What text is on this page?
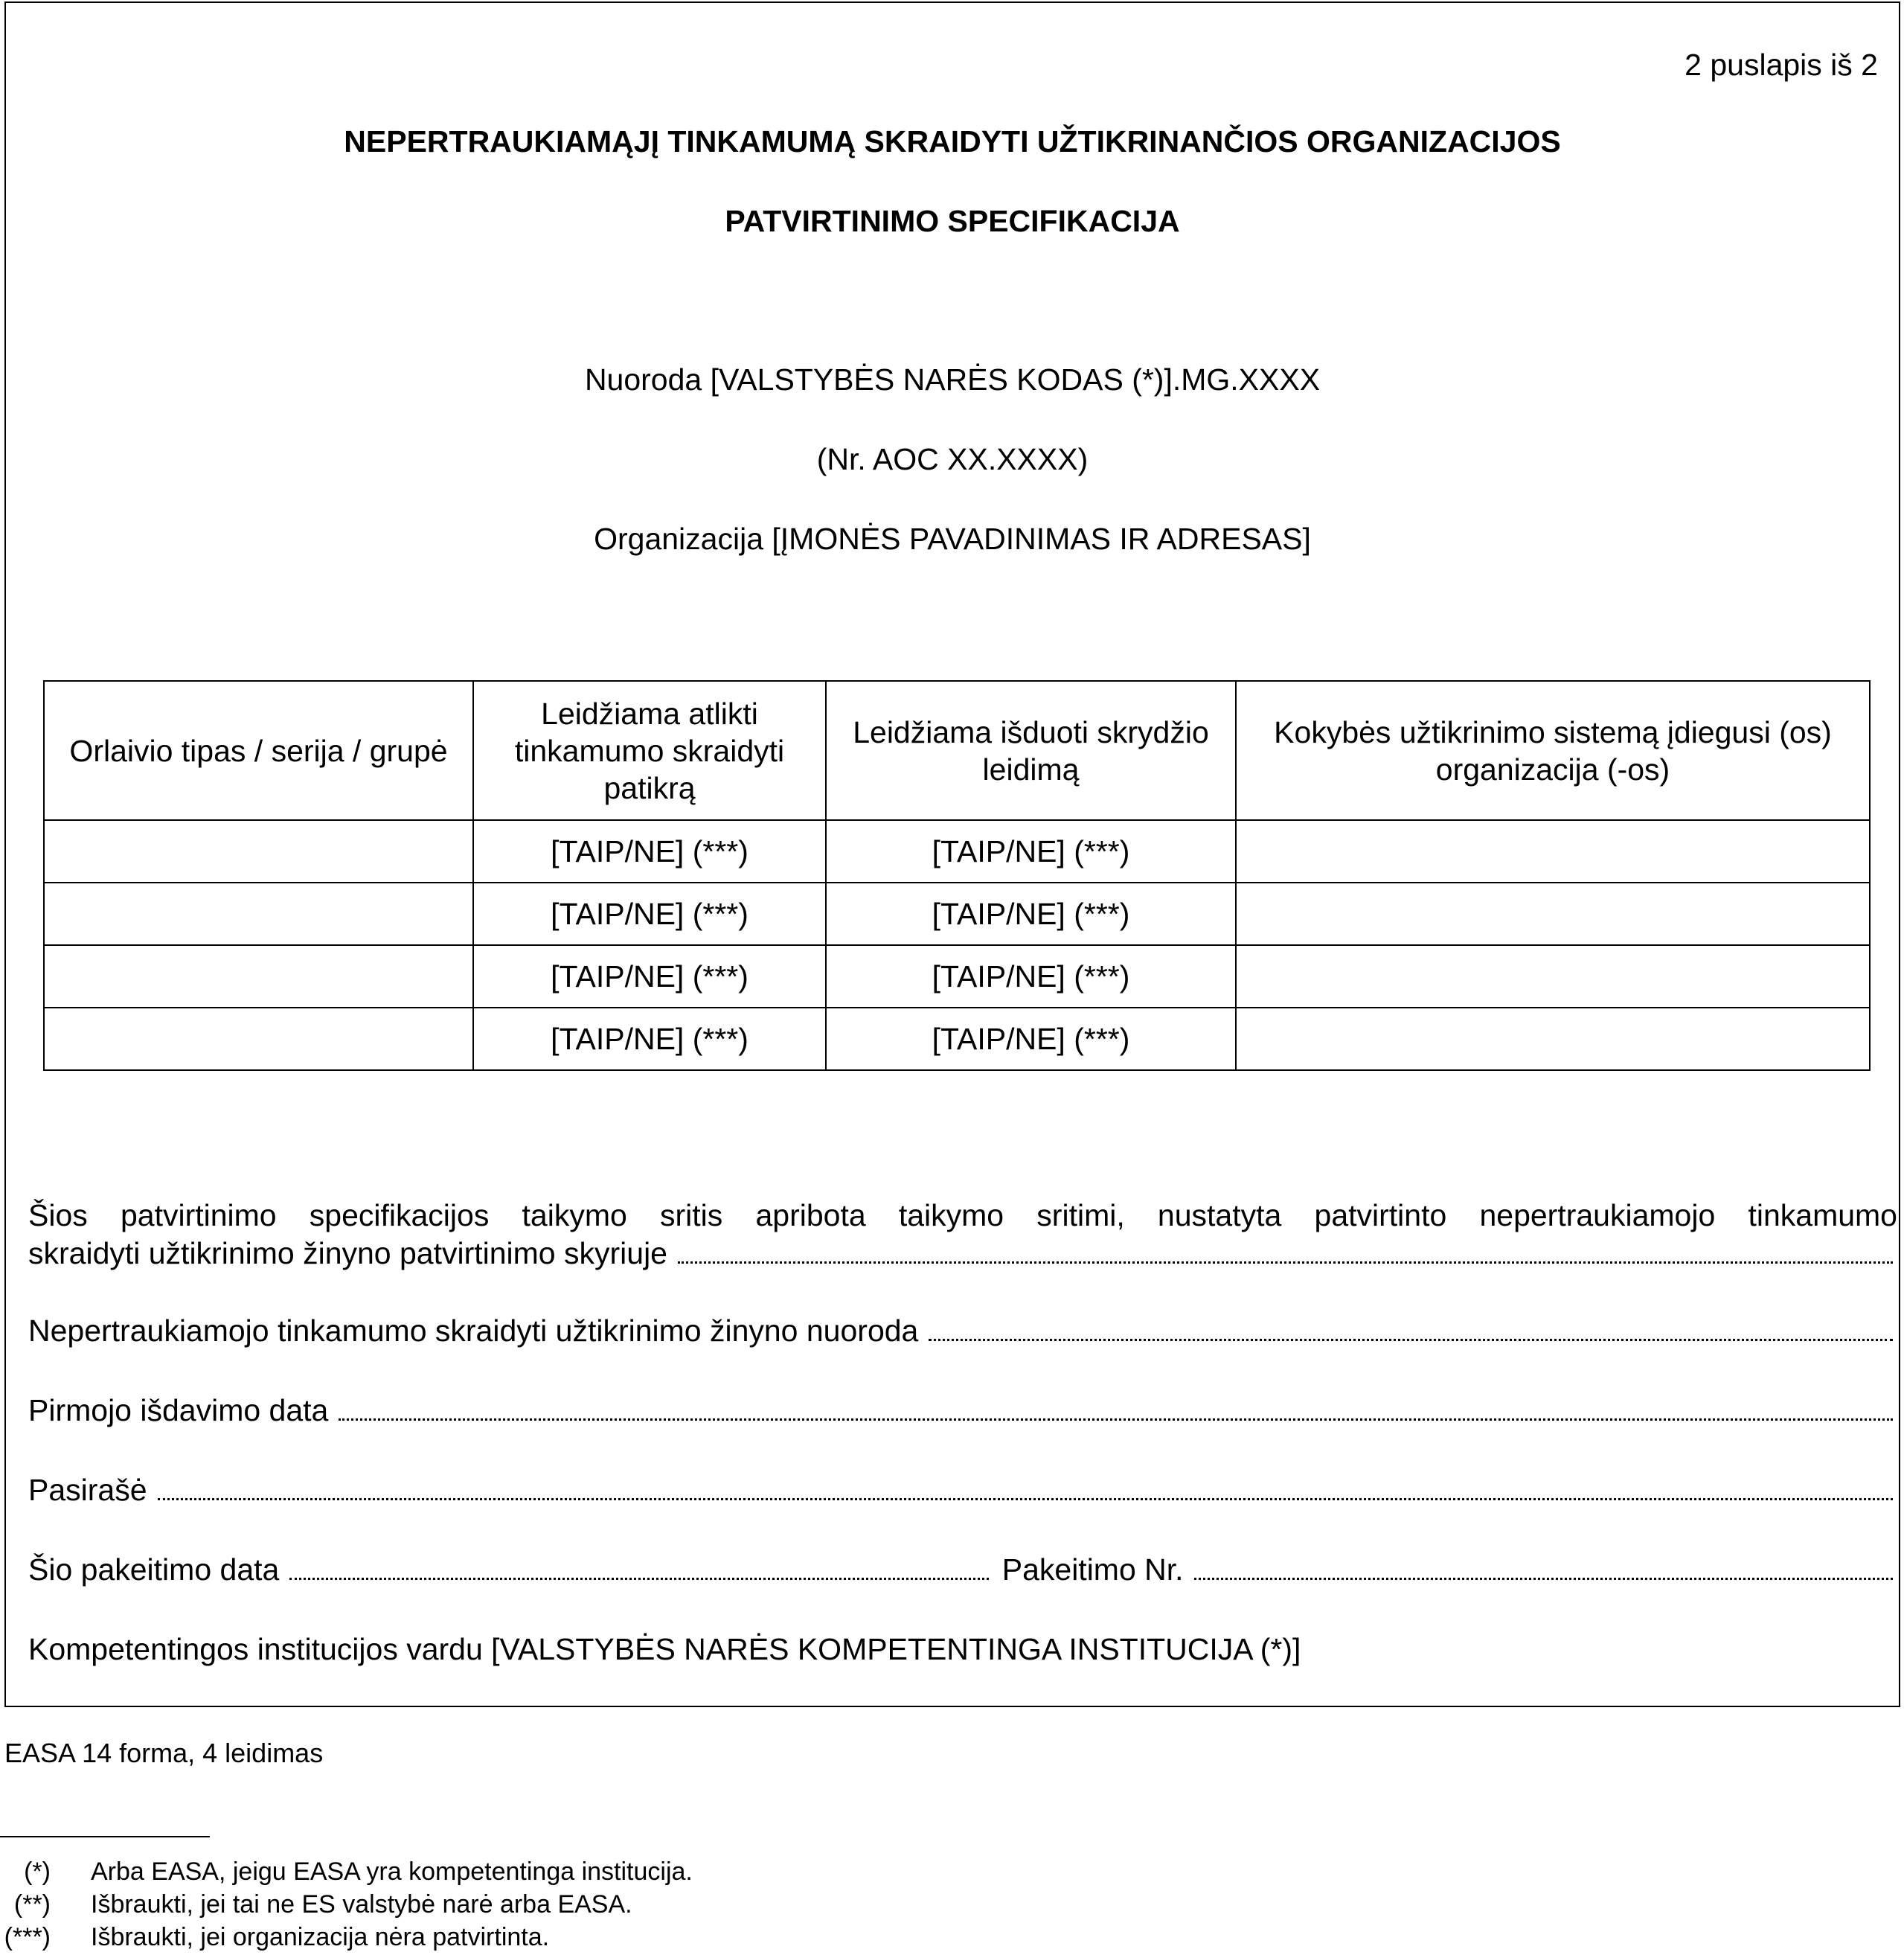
2 puslapis iš 2
NEPERTRAUKIAMĄJĮ TINKAMUMĄ SKRAIDYTI UŽTIKRINANČIOS ORGANIZACIJOS
PATVIRTINIMO SPECIFIKACIJA
Nuoroda [VALSTYBĖS NARĖS KODAS (*)].MG.XXXX
(Nr. AOC XX.XXXX)
Organizacija [ĮMONĖS PAVADINIMAS IR ADRESAS]
Orlaivio tipas / serija / grupė	Leidžiama atlikti tinkamumo skraidyti patikrą	Leidžiama išduoti skrydžio leidimą	Kokybės užtikrinimo sistemą įdiegusi (os) organizacija (-os)
	[TAIP/NE] (***)	[TAIP/NE] (***)	
	[TAIP/NE] (***)	[TAIP/NE] (***)	
	[TAIP/NE] (***)	[TAIP/NE] (***)	
	[TAIP/NE] (***)	[TAIP/NE] (***)	
Šios patvirtinimo specifikacijos taikymo sritis apribota taikymo sritimi, nustatyta patvirtinto nepertraukiamojo tinkamumo
skraidyti užtikrinimo žinyno patvirtinimo skyriuje
Nepertraukiamojo tinkamumo skraidyti užtikrinimo žinyno nuoroda
Pirmojo išdavimo data
Pasirašė
Šio pakeitimo data	Pakeitimo Nr.
Kompetentingos institucijos vardu [VALSTYBĖS NARĖS KOMPETENTINGA INSTITUCIJA (*)]
EASA 14 forma, 4 leidimas
(*) Arba EASA, jeigu EASA yra kompetentinga institucija.
(**) Išbraukti, jei tai ne ES valstybė narė arba EASA.
(***) Išbraukti, jei organizacija nėra patvirtinta.
